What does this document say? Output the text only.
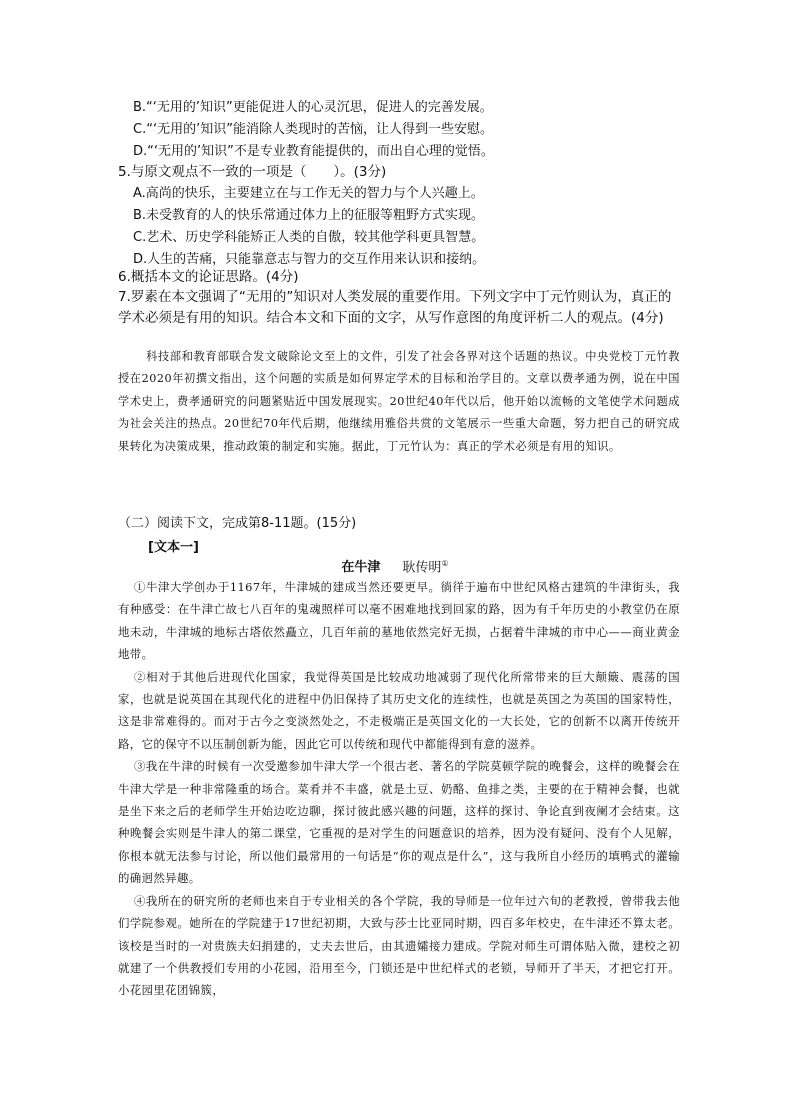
B.“‘无用的’知识”更能促进人的心灵沉思，促进人的完善发展。

C.“‘无用的’知识”能消除人类现时的苦恼，让人得到一些安慰。

D.“‘无用的’知识”不是专业教育能提供的，而出自心理的觉悟。

5.与原文观点不一致的一项是（　　）。(3分)

A.高尚的快乐，主要建立在与工作无关的智力与个人兴趣上。

B.未受教育的人的快乐常通过体力上的征服等粗野方式实现。

C.艺术、历史学科能矫正人类的自傲，较其他学科更具智慧。

D.人生的苦痛，只能靠意志与智力的交互作用来认识和接纳。

6.概括本文的论证思路。(4分)

7.罗素在本文强调了“无用的”知识对人类发展的重要作用。下列文字中丁元竹则认为，真正的学术必须是有用的知识。结合本文和下面的文字，从写作意图的角度评析二人的观点。(4分)

科技部和教育部联合发文破除论文至上的文件，引发了社会各界对这个话题的热议。中央党校丁元竹教授在2020年初撰文指出，这个问题的实质是如何界定学术的目标和治学目的。文章以费孝通为例，说在中国学术史上，费孝通研究的问题紧贴近中国发展现实。20世纪40年代以后，他开始以流畅的文笔使学术问题成为社会关注的热点。20世纪70年代后期，他继续用雅俗共赏的文笔展示一些重大命题，努力把自己的研究成果转化为决策成果，推动政策的制定和实施。据此，丁元竹认为：真正的学术必须是有用的知识。

（二）阅读下文，完成第8-11题。(15分)

[文本一]

在牛津 耿传明①

①牛津大学创办于1167年，牛津城的建成当然还要更早。徜徉于遍布中世纪风格古建筑的牛津街头，我有种感受：在牛津亡故七八百年的鬼魂照样可以毫不困难地找到回家的路，因为有千年历史的小教堂仍在原地未动，牛津城的地标古塔依然矗立，几百年前的墓地依然完好无损，占据着牛津城的市中心——商业黄金地带。

②相对于其他后进现代化国家，我觉得英国是比较成功地减弱了现代化所常带来的巨大颠簸、震荡的国家，也就是说英国在其现代化的进程中仍旧保持了其历史文化的连续性，也就是英国之为英国的国家特性，这是非常难得的。而对于古今之变淡然处之，不走极端正是英国文化的一大长处，它的创新不以离开传统开路，它的保守不以压制创新为能，因此它可以传统和现代中都能得到有意的滋养。

③我在牛津的时候有一次受邀参加牛津大学一个很古老、著名的学院莫顿学院的晚餐会，这样的晚餐会在牛津大学是一种非常隆重的场合。菜肴并不丰盛，就是土豆、奶酪、鱼排之类，主要的在于精神会餐，也就是坐下来之后的老师学生开始边吃边聊，探讨彼此感兴趣的问题，这样的探讨、争论直到夜阑才会结束。这种晚餐会实则是牛津人的第二课堂，它重视的是对学生的问题意识的培养，因为没有疑问、没有个人见解，你根本就无法参与讨论，所以他们最常用的一句话是“你的观点是什么”，这与我所自小经历的填鸭式的灌输的确迥然异趣。

④我所在的研究所的老师也来自于专业相关的各个学院，我的导师是一位年过六旬的老教授，曾带我去他们学院参观。她所在的学院建于17世纪初期，大致与莎士比亚同时期，四百多年校史，在牛津还不算太老。该校是当时的一对贵族夫妇捐建的，丈夫去世后，由其遗孀接力建成。学院对师生可谓体贴入微，建校之初就建了一个供教授们专用的小花园，沿用至今，门锁还是中世纪样式的老锁，导师开了半天，才把它打开。小花园里花团锦簇，
